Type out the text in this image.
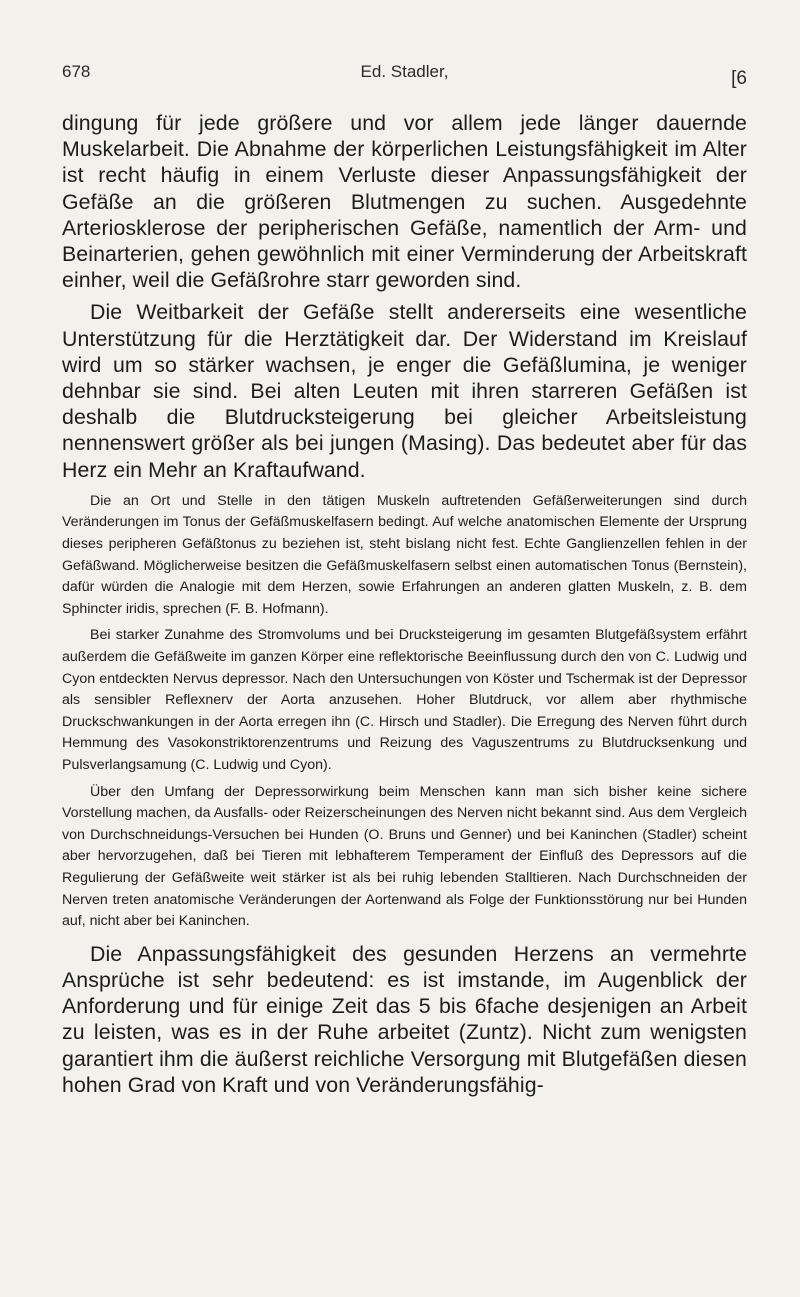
678	Ed. Stadler,	[6

dingung für jede größere und vor allem jede länger dauernde Muskelarbeit. Die Abnahme der körperlichen Leistungsfähigkeit im Alter ist recht häufig in einem Verluste dieser Anpassungsfähigkeit der Gefäße an die größeren Blutmengen zu suchen. Ausgedehnte Arteriosklerose der peripherischen Gefäße, namentlich der Arm- und Beinarterien, gehen gewöhnlich mit einer Verminderung der Arbeitskraft einher, weil die Gefäßrohre starr geworden sind.

Die Weitbarkeit der Gefäße stellt andererseits eine wesentliche Unterstützung für die Herztätigkeit dar. Der Widerstand im Kreislauf wird um so stärker wachsen, je enger die Gefäßlumina, je weniger dehnbar sie sind. Bei alten Leuten mit ihren starreren Gefäßen ist deshalb die Blutdrucksteigerung bei gleicher Arbeitsleistung nennenswert größer als bei jungen (Masing). Das bedeutet aber für das Herz ein Mehr an Kraftaufwand.

Die an Ort und Stelle in den tätigen Muskeln auftretenden Gefäßerweiterungen sind durch Veränderungen im Tonus der Gefäßmuskelfasern bedingt. Auf welche anatomischen Elemente der Ursprung dieses peripheren Gefäßtonus zu beziehen ist, steht bislang nicht fest. Echte Ganglienzellen fehlen in der Gefäßwand. Möglicherweise besitzen die Gefäßmuskelfasern selbst einen automatischen Tonus (Bernstein), dafür würden die Analogie mit dem Herzen, sowie Erfahrungen an anderen glatten Muskeln, z. B. dem Sphincter iridis, sprechen (F. B. Hofmann).

Bei starker Zunahme des Stromvolums und bei Drucksteigerung im gesamten Blutgefäßsystem erfährt außerdem die Gefäßweite im ganzen Körper eine reflektorische Beeinflussung durch den von C. Ludwig und Cyon entdeckten Nervus depressor. Nach den Untersuchungen von Köster und Tschermak ist der Depressor als sensibler Reflexnerv der Aorta anzusehen. Hoher Blutdruck, vor allem aber rhythmische Druckschwankungen in der Aorta erregen ihn (C. Hirsch und Stadler). Die Erregung des Nerven führt durch Hemmung des Vasokonstriktorenzentrums und Reizung des Vaguszentrums zu Blutdrucksenkung und Pulsverlangsamung (C. Ludwig und Cyon).

Über den Umfang der Depressorwirkung beim Menschen kann man sich bisher keine sichere Vorstellung machen, da Ausfalls- oder Reizerscheinungen des Nerven nicht bekannt sind. Aus dem Vergleich von Durchschneidungs-Versuchen bei Hunden (O. Bruns und Genner) und bei Kaninchen (Stadler) scheint aber hervorzugehen, daß bei Tieren mit lebhafterem Temperament der Einfluß des Depressors auf die Regulierung der Gefäßweite weit stärker ist als bei ruhig lebenden Stalltieren. Nach Durchschneiden der Nerven treten anatomische Veränderungen der Aortenwand als Folge der Funktionsstörung nur bei Hunden auf, nicht aber bei Kaninchen.

Die Anpassungsfähigkeit des gesunden Herzens an vermehrte Ansprüche ist sehr bedeutend: es ist imstande, im Augenblick der Anforderung und für einige Zeit das 5 bis 6fache desjenigen an Arbeit zu leisten, was es in der Ruhe arbeitet (Zuntz). Nicht zum wenigsten garantiert ihm die äußerst reichliche Versorgung mit Blutgefäßen diesen hohen Grad von Kraft und von Veränderungsfähig-
